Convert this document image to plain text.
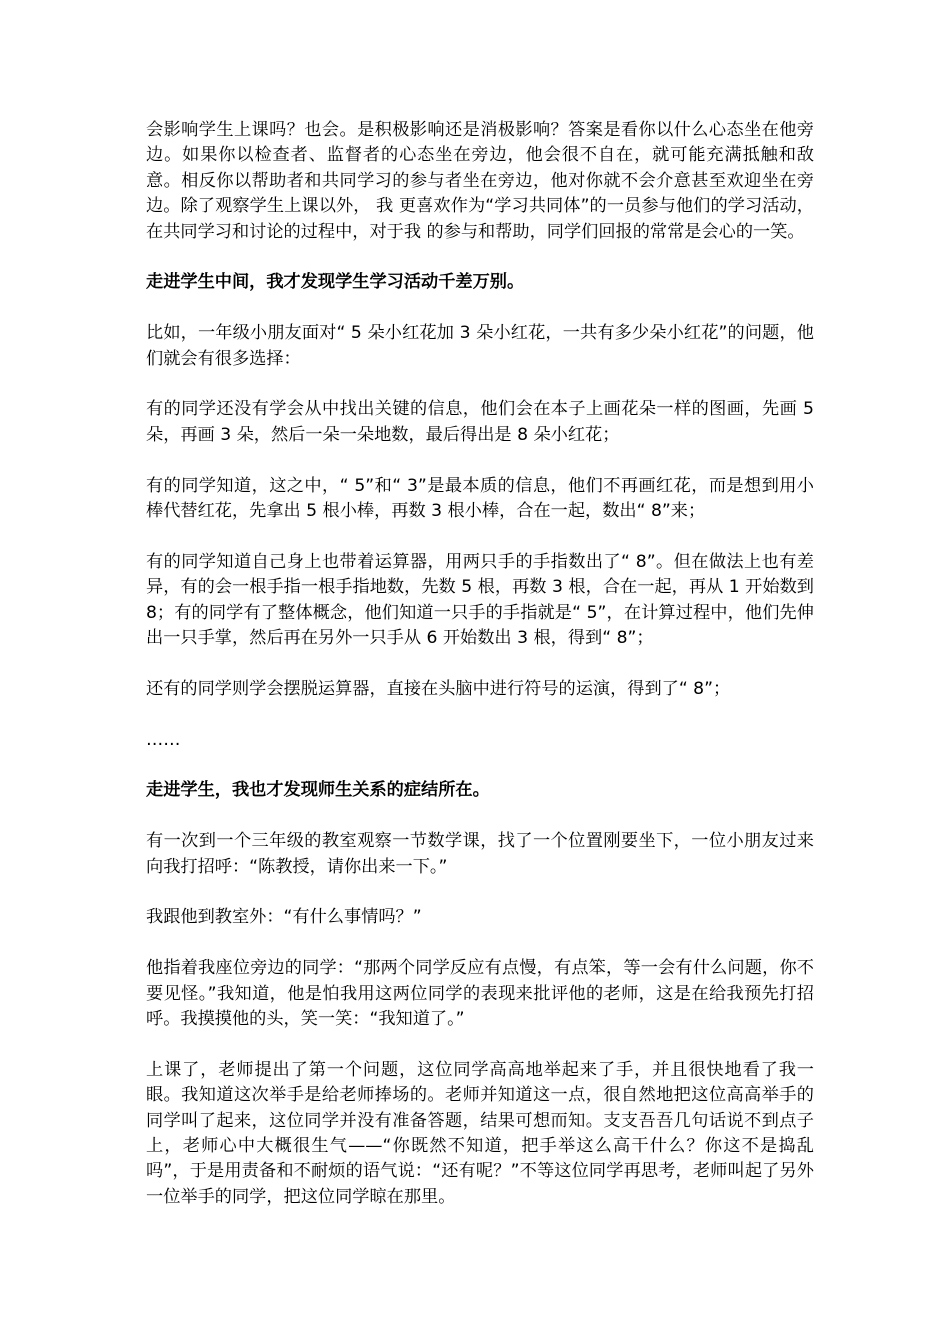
会影响学生上课吗？也会。是积极影响还是消极影响？答案是看你以什么心态坐在他旁边。如果你以检查者、监督者的心态坐在旁边，他会很不自在，就可能充满抵触和敌意。相反你以帮助者和共同学习的参与者坐在旁边，他对你就不会介意甚至欢迎坐在旁边。除了观察学生上课以外， 我 更喜欢作为“学习共同体”的一员参与他们的学习活动，在共同学习和讨论的过程中，对于我 的参与和帮助，同学们回报的常常是会心的一笑。

走进学生中间，我才发现学生学习活动千差万别。

比如，一年级小朋友面对“ 5 朵小红花加 3 朵小红花，一共有多少朵小红花”的问题，他们就会有很多选择：

有的同学还没有学会从中找出关键的信息，他们会在本子上画花朵一样的图画，先画 5 朵，再画 3 朵，然后一朵一朵地数，最后得出是 8 朵小红花；

有的同学知道，这之中，“ 5”和“ 3”是最本质的信息，他们不再画红花，而是想到用小棒代替红花，先拿出 5 根小棒，再数 3 根小棒，合在一起，数出“ 8”来；

有的同学知道自己身上也带着运算器，用两只手的手指数出了“ 8”。但在做法上也有差异，有的会一根手指一根手指地数，先数 5 根，再数 3 根，合在一起，再从 1 开始数到 8；有的同学有了整体概念，他们知道一只手的手指就是“ 5”，在计算过程中，他们先伸出一只手掌，然后再在另外一只手从 6 开始数出 3 根，得到“ 8”；

还有的同学则学会摆脱运算器，直接在头脑中进行符号的运演，得到了“ 8”；

……

走进学生，我也才发现师生关系的症结所在。

有一次到一个三年级的教室观察一节数学课，找了一个位置刚要坐下，一位小朋友过来向我打招呼：“陈教授，请你出来一下。”

我跟他到教室外：“有什么事情吗？”

他指着我座位旁边的同学：“那两个同学反应有点慢，有点笨，等一会有什么问题，你不要见怪。”我知道，他是怕我用这两位同学的表现来批评他的老师，这是在给我预先打招呼。我摸摸他的头，笑一笑：“我知道了。”

上课了，老师提出了第一个问题，这位同学高高地举起来了手，并且很快地看了我一眼。我知道这次举手是给老师捧场的。老师并知道这一点，很自然地把这位高高举手的同学叫了起来，这位同学并没有准备答题，结果可想而知。支支吾吾几句话说不到点子上，老师心中大概很生气——“你既然不知道，把手举这么高干什么？你这不是捣乱吗”，于是用责备和不耐烦的语气说：“还有呢？”不等这位同学再思考，老师叫起了另外一位举手的同学，把这位同学晾在那里。
